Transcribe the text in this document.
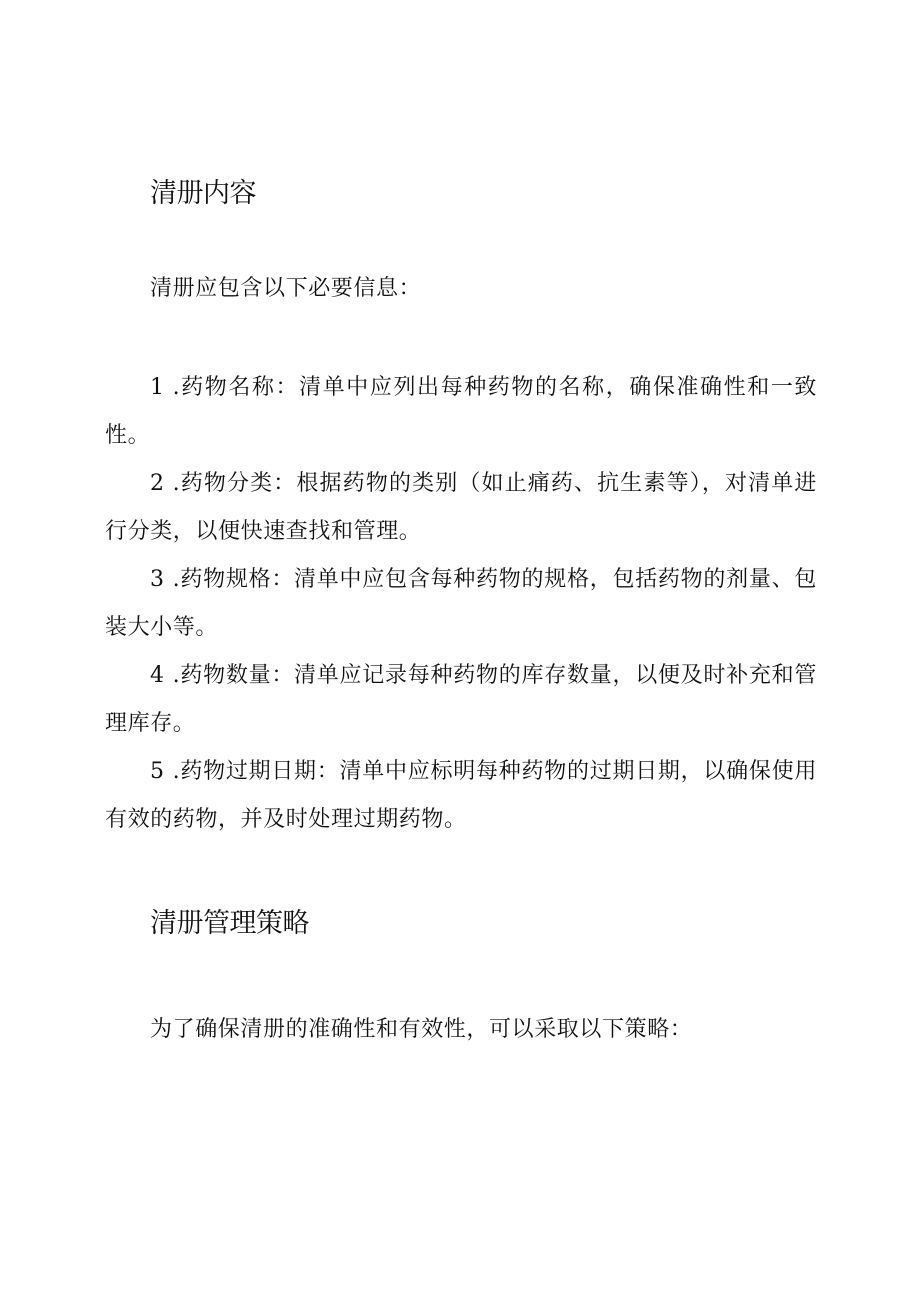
清册内容

清册应包含以下必要信息：

1 .药物名称：清单中应列出每种药物的名称，确保准确性和一致性。

2 .药物分类：根据药物的类别（如止痛药、抗生素等），对清单进行分类，以便快速查找和管理。

3 .药物规格：清单中应包含每种药物的规格，包括药物的剂量、包装大小等。

4 .药物数量：清单应记录每种药物的库存数量，以便及时补充和管理库存。

5 .药物过期日期：清单中应标明每种药物的过期日期，以确保使用有效的药物，并及时处理过期药物。

清册管理策略

为了确保清册的准确性和有效性，可以采取以下策略：
